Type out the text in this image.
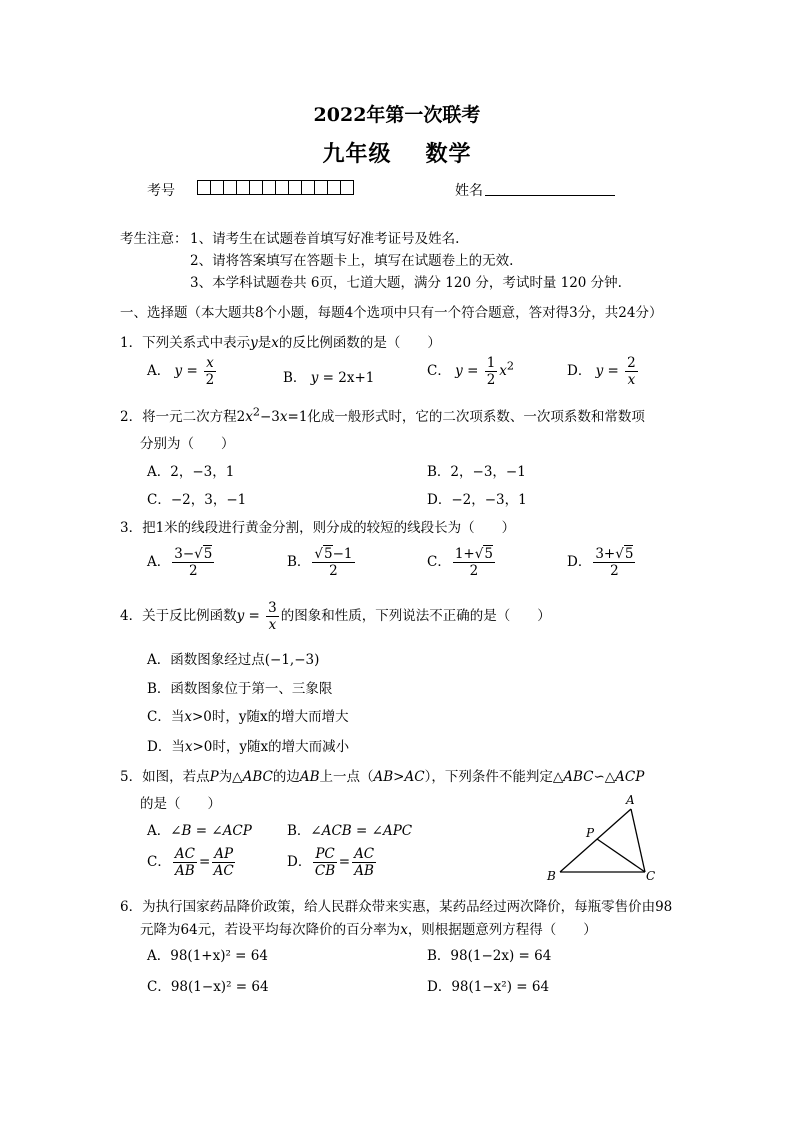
2022年第一次联考
九年级 数学
考号	姓名
考生注意： 1、请考生在试题卷首填写好准考证号及姓名.
2、请将答案填写在答题卡上，填写在试题卷上的无效.
3、本学科试题卷共 6页，七道大题，满分 120 分，考试时量 120 分钟.
一、选择题（本大题共8个小题，每题4个选项中只有一个符合题意，答对得3分，共24分）
1．下列关系式中表示y是x的反比例函数的是（　　）
A． $y = \frac{x}{2}$	B． y = 2x+1	C． $y = \frac{1}{2} x^2$	D． $y = \frac{2}{x}$
2．将一元二次方程$2x^2-3x=1$化成一般形式时，它的二次项系数、一次项系数和常数项
分别为（　　）
A．2，−3，1	B．2，−3，−1
C．−2，3，−1	D．−2，−3，1
3．把1米的线段进行黄金分割，则分成的较短的线段长为（　　）
A． $\frac{3-√5}{2}$	B． $\frac{√5-1}{2}$	C． $\frac{1+√5}{2}$	D． $\frac{3+√5}{2}$
4．关于反比例函数$y = \frac{3}{x}$ 的图象和性质，下列说法不正确的是（　　）
A．函数图象经过点(−1,−3)
B．函数图象位于第一、三象限
C．当x>0时，y随x的增大而增大
D．当x>0时，y随x的增大而减小
5．如图，若点P为△ABC的边AB上一点（AB>AC），下列条件不能判定△ABC∽△ACP
的是（　　）
A．∠B = ∠ACP	B．∠ACB = ∠APC
C． $\frac{AC}{AB} = \frac{AP}{AC}$	D． $\frac{PC}{CB} = \frac{AC}{AB}$
A
B	C
P
6．为执行国家药品降价政策，给人民群众带来实惠，某药品经过两次降价，每瓶零售价由98
元降为64元，若设平均每次降价的百分率为x，则根据题意列方程得（　　）
A．98(1+x)² = 64	B．98(1−2x) = 64
C．98(1−x)² = 64	D．98(1−x²) = 64
